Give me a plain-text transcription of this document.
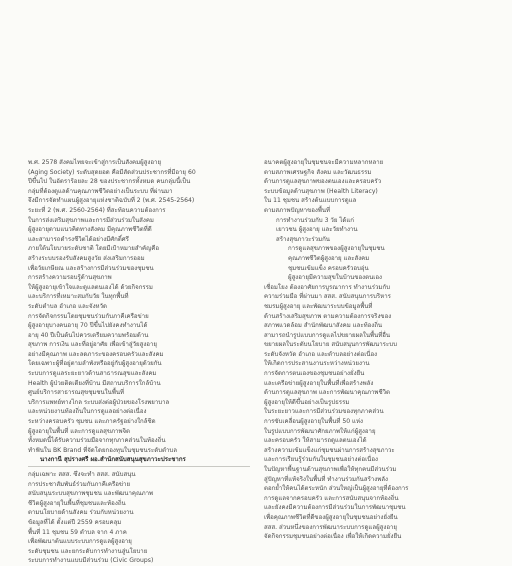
พ.ศ. 2578 สังคมไทยจะเข้าสู่การเป็นสังคมผู้สูงอายุ
(Aging Society) ระดับสุดยอด คือมีสัดส่วนประชากรที่มีอายุ 60
ปีขึ้นไป ในอัตราร้อยละ 28 ของประชากรทั้งหมด คนกลุ่มนี้เป็น
กลุ่มที่ต้องดูแลด้านคุณภาพชีวิตอย่างเป็นระบบ ที่ผ่านมา
จึงมีการจัดทำแผนผู้สูงอายุแห่งชาติฉบับที่ 2 (พ.ศ. 2545-2564)
ระยะที่ 2 (พ.ศ. 2560-2564) ที่สะท้อนความต้องการ
ในการส่งเสริมสุขภาพและการมีส่วนร่วมในสังคม
ผู้สูงอายุตามแนวคิดทางสังคม มีคุณภาพชีวิตที่ดี
และสามารถดำรงชีวิตได้อย่างมีศักดิ์ศรี
ภายใต้นโยบายระดับชาติ โดยมีเป้าหมายสำคัญคือ
สร้างระบบรองรับสังคมสูงวัย ส่งเสริมการออม
เพื่อวัยเกษียณ และสร้างการมีส่วนร่วมของชุมชน
การสร้างความรอบรู้ด้านสุขภาพ
ให้ผู้สูงอายุเข้าใจและดูแลตนเองได้ ด้วยกิจกรรม
และบริการที่เหมาะสมกับวัย ในทุกพื้นที่
ระดับตำบล อำเภอ และจังหวัด
การจัดกิจกรรมโดยชุมชนร่วมกับภาคีเครือข่าย
ผู้สูงอายุบางคนอายุ 70 ปีขึ้นไปยังคงทำงานได้
อายุ 40 ปีเป็นต้นไปควรเตรียมความพร้อมด้าน
สุขภาพ การเงิน และที่อยู่อาศัย เพื่อเข้าสู่วัยสูงอายุ
อย่างมีคุณภาพ และลดภาระของครอบครัวและสังคม
โดยเฉพาะผู้ที่อยู่ตามลำพังหรืออยู่กับผู้สูงอายุด้วยกัน
ระบบการดูแลระยะยาวด้านสาธารณสุขและสังคม
Health ผู้ป่วยติดเตียงที่บ้าน มีสถานบริการใกล้บ้าน
ศูนย์บริการสาธารณสุขชุมชนในพื้นที่
บริการแพทย์ทางไกล ระบบส่งต่อผู้ป่วยของโรงพยาบาล
และหน่วยงานท้องถิ่นในการดูแลอย่างต่อเนื่อง
ระหว่างครอบครัว ชุมชน และภาครัฐอย่างใกล้ชิด
ผู้สูงอายุในพื้นที่ และการดูแลสุขภาพจิต
ทั้งหมดนี้ได้รับความร่วมมือจากทุกภาคส่วนในท้องถิ่น
ทำฟันใน BK Brand ที่จัดโดยกองทุนในชุมชนระดับตำบล
นางกานี สุปรางศรี ผอ.สำนักสนับสนุนสุขภาวะประชากร
กลุ่มเฉพาะ สสส. ซึ่งจะทำ สสส. สนับสนุน
การประชาสัมพันธ์ร่วมกับภาคีเครือข่าย
สนับสนุนระบบสุขภาพชุมชน และพัฒนาคุณภาพ
ชีวิตผู้สูงอายุในพื้นที่ชุมชนและท้องถิ่น
ตามนโยบายด้านสังคม ร่วมกับหน่วยงาน
ข้อมูลที่ได้ ตั้งแต่ปี 2559 ครอบคลุม
พื้นที่ 11 ชุมชน 59 ตำบล จาก 4 ภาค
เพื่อพัฒนาต้นแบบระบบการดูแลผู้สูงอายุ
ระดับชุมชน และยกระดับการทำงานสู่นโยบาย
ระบบการทำงานแบบมีส่วนร่วม (Civic Groups)
อนาคตผู้สูงอายุในชุมชนจะมีความหลากหลาย
ตามสภาพเศรษฐกิจ สังคม และวัฒนธรรม
ด้านการดูแลสุขภาพของตนเองและครอบครัว
ระบบข้อมูลด้านสุขภาพ (Health Literacy)
ใน 11 ชุมชน สร้างต้นแบบการดูแล
ตามสภาพปัญหาของพื้นที่
การทำงานร่วมกับ 3 วัย ได้แก่
เยาวชน ผู้สูงอายุ และวัยทำงาน
สร้างสุขภาวะร่วมกัน
การดูแลสุขภาพของผู้สูงอายุในชุมชน
คุณภาพชีวิตผู้สูงอายุ และสังคม
ชุมชนเข้มแข็ง ครอบครัวอบอุ่น
ผู้สูงอายุมีความสุขในบ้านของตนเอง
เชื่อมโยง ต้องอาศัยการบูรณาการ ทำงานร่วมกับ
ความร่วมมือ ที่ผ่านมา สสส. สนับสนุนการบริหาร
ชมรมผู้สูงอายุ และพัฒนาระบบข้อมูลพื้นที่
ด้านสร้างเสริมสุขภาพ ตามความต้องการจริงของ
สภาพแวดล้อม สำนักพัฒนาสังคม และท้องถิ่น
สามารถนำรูปแบบการดูแลไปขยายผลในพื้นที่อื่น
ขยายผลในระดับนโยบาย สนับสนุนการพัฒนาระบบ
ระดับจังหวัด อำเภอ และตำบลอย่างต่อเนื่อง
ให้เกิดการประสานงานระหว่างหน่วยงาน
การจัดการตนเองของชุมชนอย่างยั่งยืน
และเครือข่ายผู้สูงอายุในพื้นที่เพื่อสร้างพลัง
ด้านการดูแลสุขภาพ และการพัฒนาคุณภาพชีวิต
ผู้สูงอายุให้ดีขึ้นอย่างเป็นรูปธรรม
ในระยะยาวและการมีส่วนร่วมของทุกภาคส่วน
การขับเคลื่อนผู้สูงอายุในพื้นที่ 50 แห่ง
ในรูปแบบการพัฒนาศักยภาพให้แก่ผู้สูงอายุ
และครอบครัว ให้สามารถดูแลตนเองได้
สร้างความเข้มแข็งแก่ชุมชนผ่านการสร้างสุขภาวะ
และการเรียนรู้ร่วมกันในชุมชนอย่างต่อเนื่อง
ในปัญหาพื้นฐานด้านสุขภาพเพื่อให้ทุกคนมีส่วนร่วม
สู่ปัญหาที่แท้จริงในพื้นที่ ทำงานร่วมกันสร้างพลัง
ตอกย้ำให้คนได้ตระหนัก ส่วนใหญ่เป็นผู้สูงอายุที่ต้องการ
การดูแลจากครอบครัว และการสนับสนุนจากท้องถิ่น
และยังคงมีความต้องการมีส่วนร่วมในการพัฒนาชุมชน
เพื่อคุณภาพชีวิตที่ดีของผู้สูงอายุในชุมชนอย่างยั่งยืน
สสส. ส่วนหนึ่งของการพัฒนาระบบการดูแลผู้สูงอายุ
จัดกิจกรรมชุมชนอย่างต่อเนื่อง เพื่อให้เกิดความยั่งยืน
